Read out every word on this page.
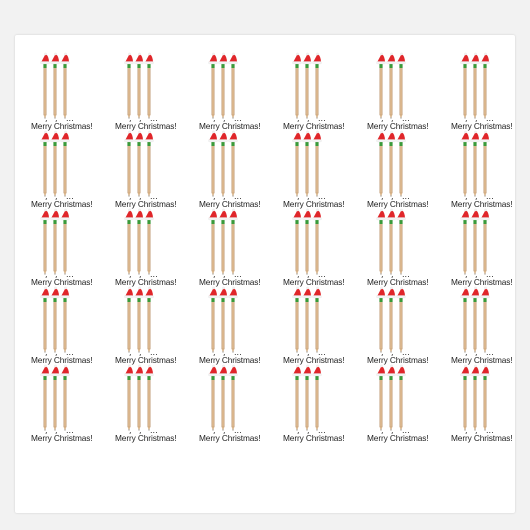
, , ...
Merry Christmas!
, , ...
Merry Christmas!
, , ...
Merry Christmas!
, , ...
Merry Christmas!
, , ...
Merry Christmas!
, , ...
Merry Christmas!
, , ...
Merry Christmas!
, , ...
Merry Christmas!
, , ...
Merry Christmas!
, , ...
Merry Christmas!
, , ...
Merry Christmas!
, , ...
Merry Christmas!
, , ...
Merry Christmas!
, , ...
Merry Christmas!
, , ...
Merry Christmas!
, , ...
Merry Christmas!
, , ...
Merry Christmas!
, , ...
Merry Christmas!
, , ...
Merry Christmas!
, , ...
Merry Christmas!
, , ...
Merry Christmas!
, , ...
Merry Christmas!
, , ...
Merry Christmas!
, , ...
Merry Christmas!
, , ...
Merry Christmas!
, , ...
Merry Christmas!
, , ...
Merry Christmas!
, , ...
Merry Christmas!
, , ...
Merry Christmas!
, , ...
Merry Christmas!
